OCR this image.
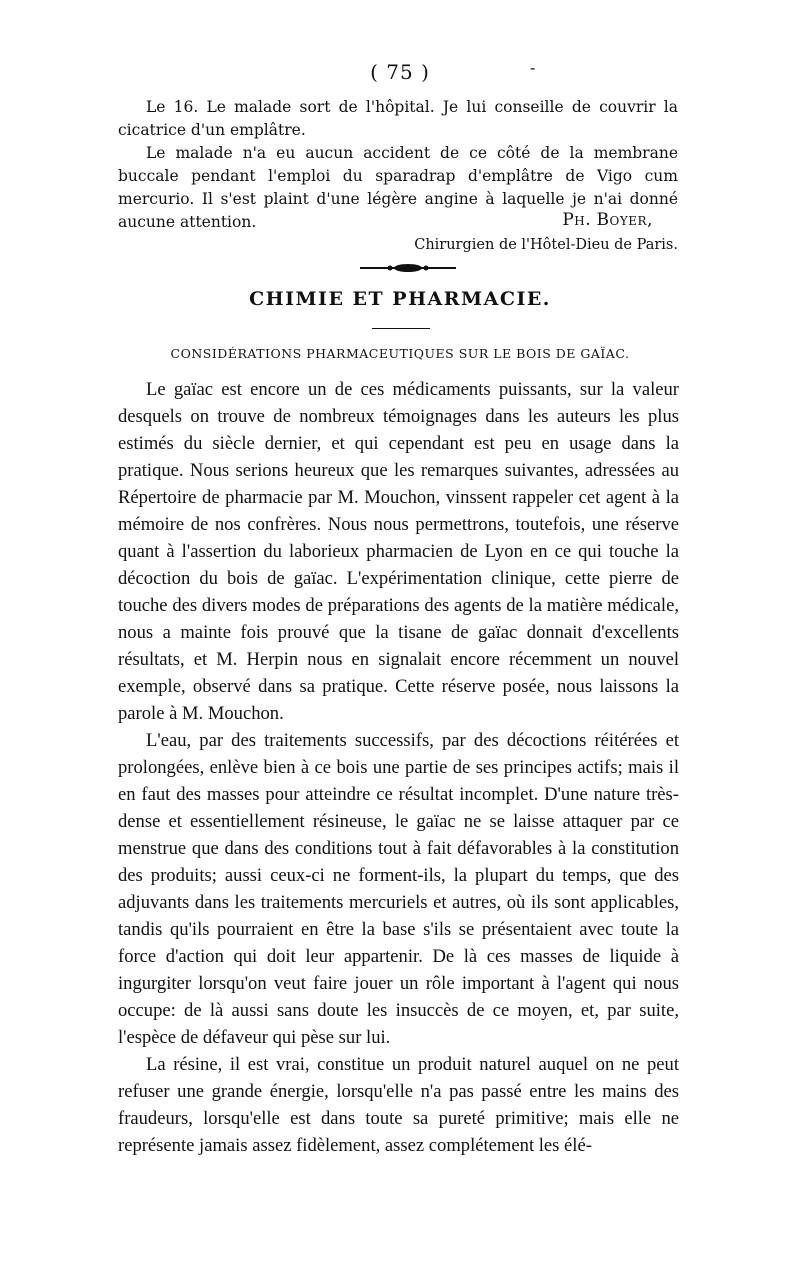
( 75 )	-

Le 16. Le malade sort de l'hôpital. Je lui conseille de couvrir la cicatrice d'un emplâtre.

Le malade n'a eu aucun accident de ce côté de la membrane buccale pendant l'emploi du sparadrap d'emplâtre de Vigo cum mercurio. Il s'est plaint d'une légère angine à laquelle je n'ai donné aucune attention.	Ph. Boyer,
Chirurgien de l'Hôtel-Dieu de Paris.
CHIMIE ET PHARMACIE.
CONSIDÉRATIONS PHARMACEUTIQUES SUR LE BOIS DE GAÏAC.

Le gaïac est encore un de ces médicaments puissants, sur la valeur desquels on trouve de nombreux témoignages dans les auteurs les plus estimés du siècle dernier, et qui cependant est peu en usage dans la pratique. Nous serions heureux que les remarques suivantes, adressées au Répertoire de pharmacie par M. Mouchon, vinssent rappeler cet agent à la mémoire de nos confrères. Nous nous permettrons, toutefois, une réserve quant à l'assertion du laborieux pharmacien de Lyon en ce qui touche la décoction du bois de gaïac. L'expérimentation clinique, cette pierre de touche des divers modes de préparations des agents de la matière médicale, nous a mainte fois prouvé que la tisane de gaïac donnait d'excellents résultats, et M. Herpin nous en signalait encore récemment un nouvel exemple, observé dans sa pratique. Cette réserve posée, nous laissons la parole à M. Mouchon.

L'eau, par des traitements successifs, par des décoctions réitérées et prolongées, enlève bien à ce bois une partie de ses principes actifs; mais il en faut des masses pour atteindre ce résultat incomplet. D'une nature très-dense et essentiellement résineuse, le gaïac ne se laisse attaquer par ce menstrue que dans des conditions tout à fait défavorables à la constitution des produits; aussi ceux-ci ne forment-ils, la plupart du temps, que des adjuvants dans les traitements mercuriels et autres, où ils sont applicables, tandis qu'ils pourraient en être la base s'ils se présentaient avec toute la force d'action qui doit leur appartenir. De là ces masses de liquide à ingurgiter lorsqu'on veut faire jouer un rôle important à l'agent qui nous occupe: de là aussi sans doute les insuccès de ce moyen, et, par suite, l'espèce de défaveur qui pèse sur lui.

La résine, il est vrai, constitue un produit naturel auquel on ne peut refuser une grande énergie, lorsqu'elle n'a pas passé entre les mains des fraudeurs, lorsqu'elle est dans toute sa pureté primitive; mais elle ne représente jamais assez fidèlement, assez complétement les élé-
